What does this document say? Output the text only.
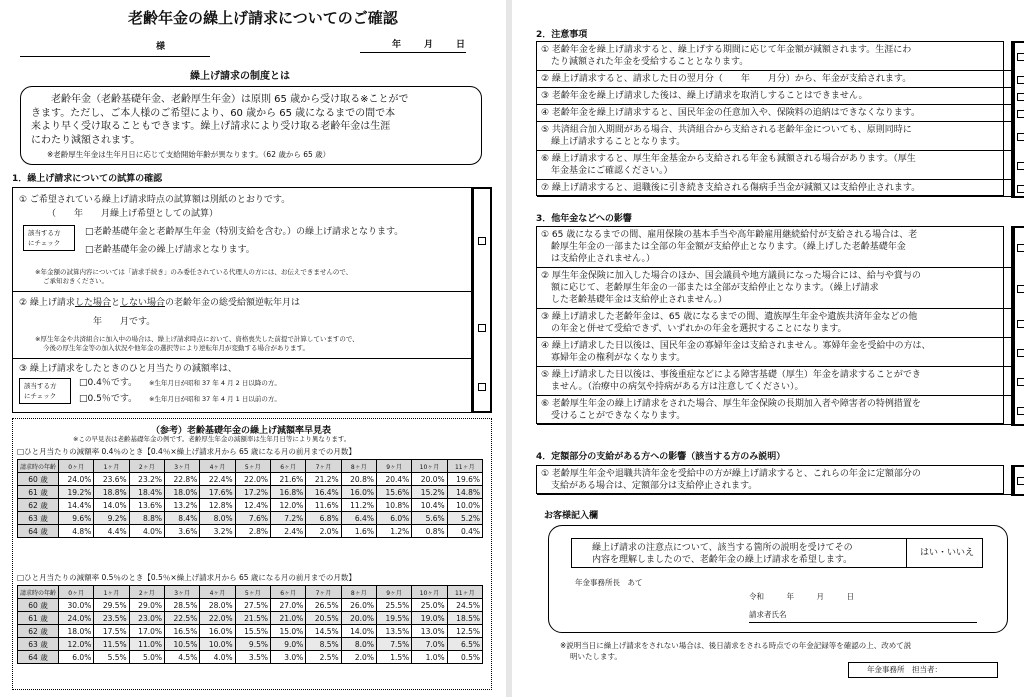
老齢年金の繰上げ請求についてのご確認
様	年	月	日
繰上げ請求の制度とは
老齢年金（老齢基礎年金、老齢厚生年金）は原則 65 歳から受け取る※ことがで
きます。ただし、ご本人様のご希望により、60 歳から 65 歳になるまでの間で本
来より早く受け取ることもできます。繰上げ請求により受け取る老齢年金は生涯
にわたり減額されます。
※老齢厚生年金は生年月日に応じて支給開始年齢が異なります。（62 歳から 65 歳）
1．繰上げ請求についての試算の確認
① ご希望されている繰上げ請求時点の試算額は別紙のとおりです。
（　　年　　月繰上げ希望としての試算）
該当する方
にチェック
□老齢基礎年金と老齢厚生年金（特別支給を含む。）の繰上げ請求となります。
□老齢基礎年金の繰上げ請求となります。
※年金額の試算内容については「請求手続き」のみ委任されている代理人の方には、お伝えできませんので、
ご承知おきください。
② 繰上げ請求した場合としない場合の老齢年金の総受給額逆転年月は
年　　月です。
※厚生年金や共済組合に加入中の場合は、繰上げ請求時点において、資格喪失した前提で計算していますので、
今後の厚生年金等の加入状況や他年金の選択等により逆転年月が変動する場合があります。
③ 繰上げ請求をしたときのひと月当たりの減額率は、
該当する方
にチェック
□0.4％です。 ※生年月日が昭和 37 年 4 月 2 日以降の方。
□0.5％です。 ※生年月日が昭和 37 年 4 月 1 日以前の方。
（参考）老齢基礎年金の繰上げ減額率早見表
※この早見表は老齢基礎年金の例です。老齢厚生年金の減額率は生年月日等により異なります。
□ひと月当たりの減額率 0.4％のとき【0.4％×繰上げ請求月から 65 歳になる月の前月までの月数】
請求時の年齢	0ヶ月	1ヶ月	2ヶ月	3ヶ月	4ヶ月	5ヶ月	6ヶ月	7ヶ月	8ヶ月	9ヶ月	10ヶ月	11ヶ月
60 歳	24.0%	23.6%	23.2%	22.8%	22.4%	22.0%	21.6%	21.2%	20.8%	20.4%	20.0%	19.6%
61 歳	19.2%	18.8%	18.4%	18.0%	17.6%	17.2%	16.8%	16.4%	16.0%	15.6%	15.2%	14.8%
62 歳	14.4%	14.0%	13.6%	13.2%	12.8%	12.4%	12.0%	11.6%	11.2%	10.8%	10.4%	10.0%
63 歳	9.6%	9.2%	8.8%	8.4%	8.0%	7.6%	7.2%	6.8%	6.4%	6.0%	5.6%	5.2%
64 歳	4.8%	4.4%	4.0%	3.6%	3.2%	2.8%	2.4%	2.0%	1.6%	1.2%	0.8%	0.4%
□ひと月当たりの減額率 0.5％のとき【0.5％×繰上げ請求月から 65 歳になる月の前月までの月数】
請求時の年齢	0ヶ月	1ヶ月	2ヶ月	3ヶ月	4ヶ月	5ヶ月	6ヶ月	7ヶ月	8ヶ月	9ヶ月	10ヶ月	11ヶ月
60 歳	30.0%	29.5%	29.0%	28.5%	28.0%	27.5%	27.0%	26.5%	26.0%	25.5%	25.0%	24.5%
61 歳	24.0%	23.5%	23.0%	22.5%	22.0%	21.5%	21.0%	20.5%	20.0%	19.5%	19.0%	18.5%
62 歳	18.0%	17.5%	17.0%	16.5%	16.0%	15.5%	15.0%	14.5%	14.0%	13.5%	13.0%	12.5%
63 歳	12.0%	11.5%	11.0%	10.5%	10.0%	9.5%	9.0%	8.5%	8.0%	7.5%	7.0%	6.5%
64 歳	6.0%	5.5%	5.0%	4.5%	4.0%	3.5%	3.0%	2.5%	2.0%	1.5%	1.0%	0.5%
2．注意事項
① 老齢年金を繰上げ請求すると、繰上げする期間に応じて年金額が減額されます。生涯にわ
たり減額された年金を受給することとなります。
② 繰上げ請求すると、請求した日の翌月分（　　年　　月分）から、年金が支給されます。
③ 老齢年金を繰上げ請求した後は、繰上げ請求を取消しすることはできません。
④ 老齢年金を繰上げ請求すると、国民年金の任意加入や、保険料の追納はできなくなります。
⑤ 共済組合加入期間がある場合、共済組合から支給される老齢年金についても、原則同時に
繰上げ請求することとなります。
⑥ 繰上げ請求すると、厚生年金基金から支給される年金も減額される場合があります。（厚生
年金基金にご確認ください。）
⑦ 繰上げ請求すると、退職後に引き続き支給される傷病手当金が減額又は支給停止されます。
3．他年金などへの影響
① 65 歳になるまでの間、雇用保険の基本手当や高年齢雇用継続給付が支給される場合は、老
齢厚生年金の一部または全部の年金額が支給停止となります。（繰上げした老齢基礎年金
は支給停止されません。）
② 厚生年金保険に加入した場合のほか、国会議員や地方議員になった場合には、給与や賞与の
額に応じて、老齢厚生年金の一部または全部が支給停止となります。（繰上げ請求
した老齢基礎年金は支給停止されません。）
③ 繰上げ請求した老齢年金は、65 歳になるまでの間、遺族厚生年金や遺族共済年金などの他
の年金と併せて受給できず、いずれかの年金を選択することになります。
④ 繰上げ請求した日以後は、国民年金の寡婦年金は支給されません。寡婦年金を受給中の方は、
寡婦年金の権利がなくなります。
⑤ 繰上げ請求した日以後は、事後重症などによる障害基礎（厚生）年金を請求することができ
ません。（治療中の病気や持病がある方は注意してください）。
⑥ 老齢厚生年金の繰上げ請求をされた場合、厚生年金保険の長期加入者や障害者の特例措置を
受けることができなくなります。
4．定額部分の支給がある方への影響（該当する方のみ説明）
① 老齢厚生年金や退職共済年金を受給中の方が繰上げ請求すると、これらの年金に定額部分の
支給がある場合は、定額部分は支給停止されます。
お客様記入欄
繰上げ請求の注意点について、該当する箇所の説明を受けてその
内容を理解しましたので、老齢年金の繰上げ請求を希望します。
はい・いいえ
年金事務所長　あて
令和　　　年　　　月　　　日
請求者氏名
※説明当日に繰上げ請求をされない場合は、後日請求をされる時点での年金記録等を確認の上、改めて説
明いたします。
年金事務所　担当者：
